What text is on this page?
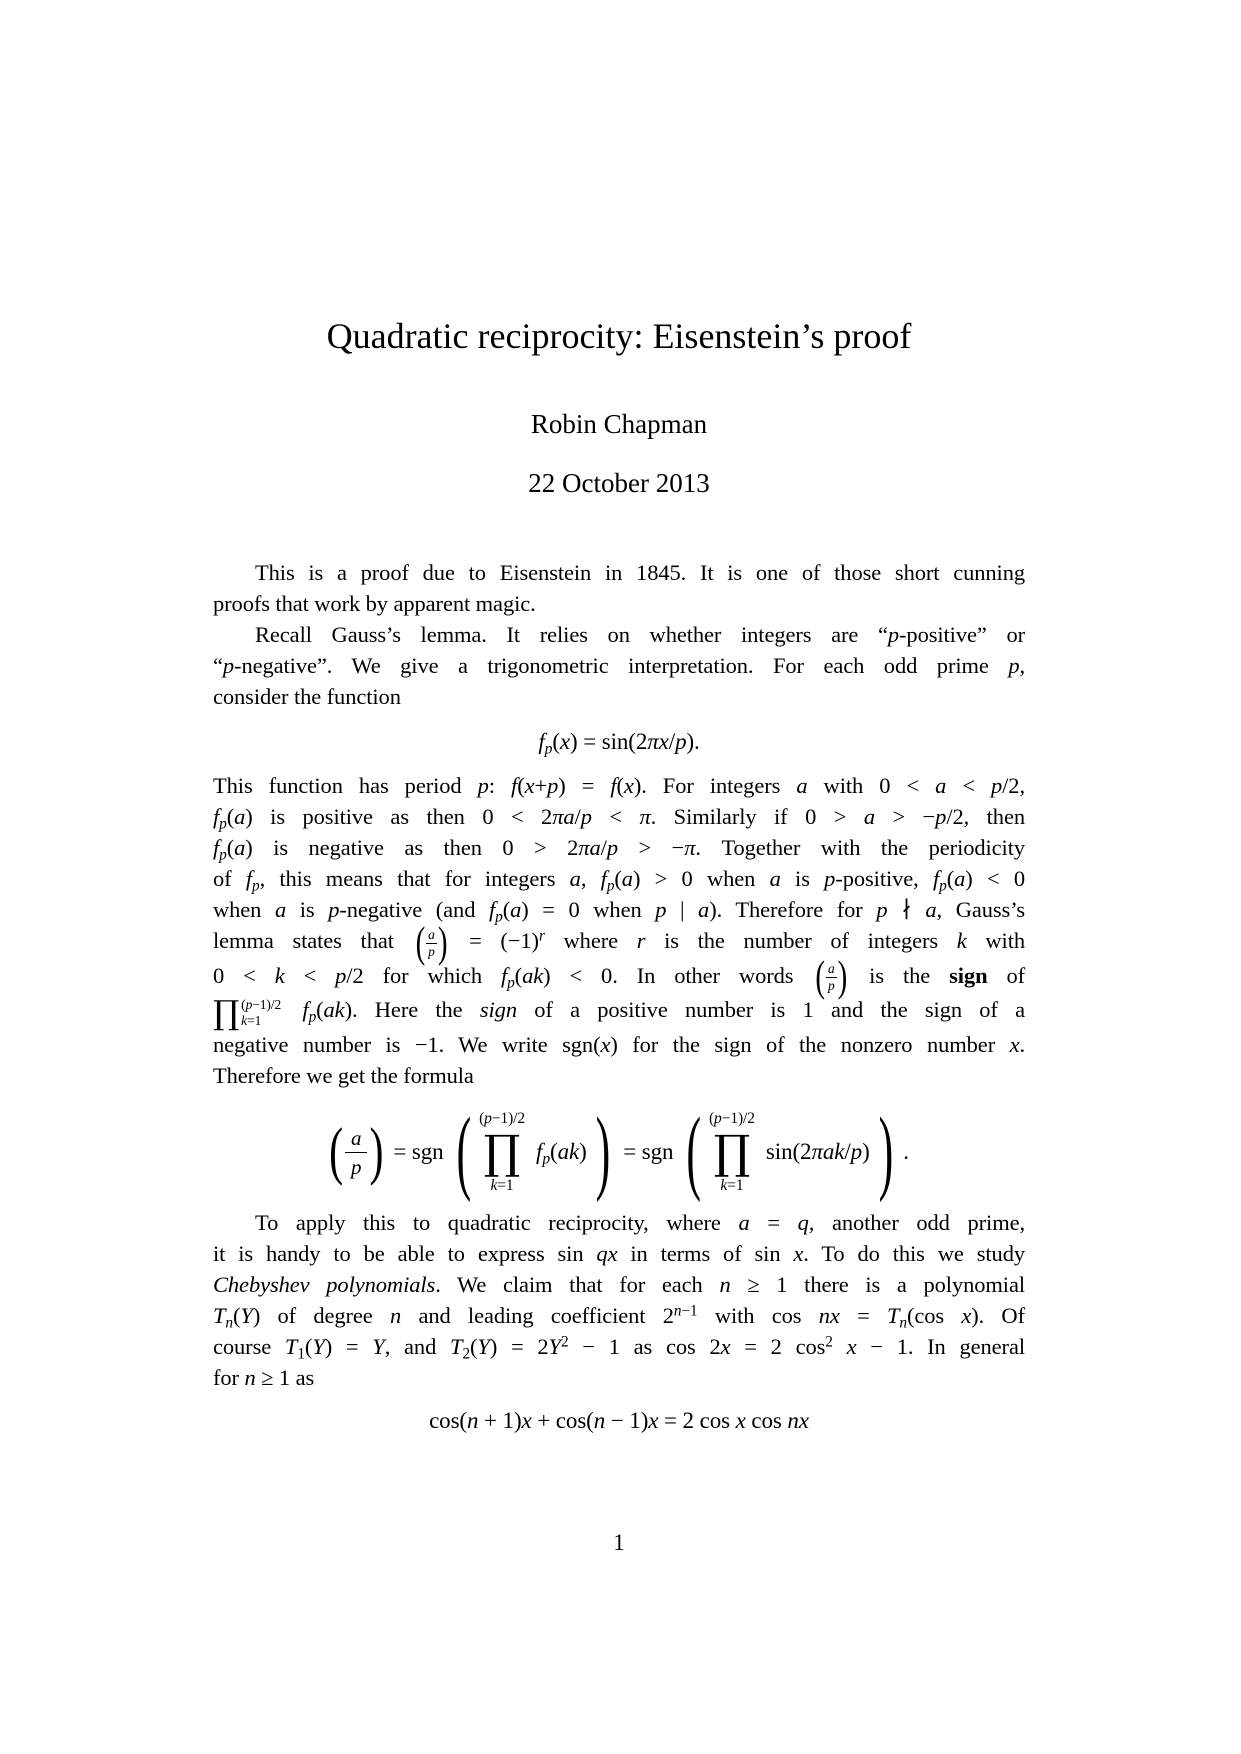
Quadratic reciprocity: Eisenstein’s proof
Robin Chapman
22 October 2013
This is a proof due to Eisenstein in 1845. It is one of those short cunning
proofs that work by apparent magic.
Recall Gauss’s lemma. It relies on whether integers are “p-positive” or
“p-negative”. We give a trigonometric interpretation. For each odd prime p,
consider the function
$f_p(x) = \sin(2\pi x/p)$.
This function has period p: f(x+p) = f(x). For integers a with 0 < a < p/2,
$f_p(a)$ is positive as then 0 < 2πa/p < π. Similarly if 0 > a > −p/2, then
$f_p(a)$ is negative as then 0 > 2πa/p > −π. Together with the periodicity
of $f_p$, this means that for integers a, $f_p(a) > 0$ when a is p-positive, $f_p(a) < 0$
when a is p-negative (and $f_p(a) = 0$ when p | a). Therefore for p ∤ a, Gauss’s
lemma states that ( a
p ) = $(-1)^r$ where r is the number of integers k with
0 < k < p/2 for which $f_p(ak) < 0$. In other words ( a
p ) is the sign of
∏ (p−1)/2
k=1	$f_p(ak)$. Here the sign of a positive number is 1 and the sign of a
negative number is −1. We write sgn(x) for the sign of the nonzero number x.
Therefore we get the formula
( $\frac{a}{p}$ ) = sgn ( (p−1)/2
∏
k=1
$f_p(ak)$ ) = sgn ( (p−1)/2
∏
k=1
sin(2πak/p) ) .
To apply this to quadratic reciprocity, where a = q, another odd prime,
it is handy to be able to express sin qx in terms of sin x. To do this we study
Chebyshev polynomials. We claim that for each n ≥ 1 there is a polynomial
$T_n(Y)$ of degree n and leading coefficient $2^{n-1}$ with cos nx = $T_n(\cos$ x). Of
course $T_1(Y) = Y$, and $T_2(Y) = 2Y^2 - 1$ as cos 2x = 2 $\cos^2 x - 1$. In general
for n ≥ 1 as
cos(n + 1)x + cos(n − 1)x = 2 cos x cos nx
1
